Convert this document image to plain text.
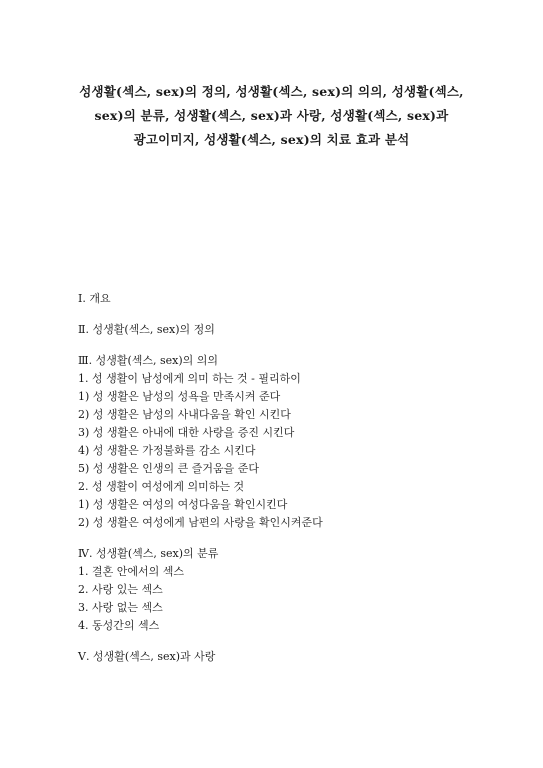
성생활(섹스, sex)의 정의, 성생활(섹스, sex)의 의의, 성생활(섹스,
sex)의 분류, 성생활(섹스, sex)과 사랑, 성생활(섹스, sex)과
광고이미지, 성생활(섹스, sex)의 치료 효과 분석
Ⅰ. 개요
Ⅱ. 성생활(섹스, sex)의 정의
Ⅲ. 성생활(섹스, sex)의 의의
1. 성 생활이 남성에게 의미 하는 것 - 필리하이
1) 성 생활은 남성의 성욕을 만족시켜 준다
2) 성 생활은 남성의 사내다움을 확인 시킨다
3) 성 생활은 아내에 대한 사랑을 증진 시킨다
4) 성 생활은 가정불화를 감소 시킨다
5) 성 생활은 인생의 큰 즐거움을 준다
2. 성 생활이 여성에게 의미하는 것
1) 성 생활은 여성의 여성다움을 확인시킨다
2) 성 생활은 여성에게 남편의 사랑을 확인시켜준다
Ⅳ. 성생활(섹스, sex)의 분류
1. 결혼 안에서의 섹스
2. 사랑 있는 섹스
3. 사랑 없는 섹스
4. 동성간의 섹스
Ⅴ. 성생활(섹스, sex)과 사랑
